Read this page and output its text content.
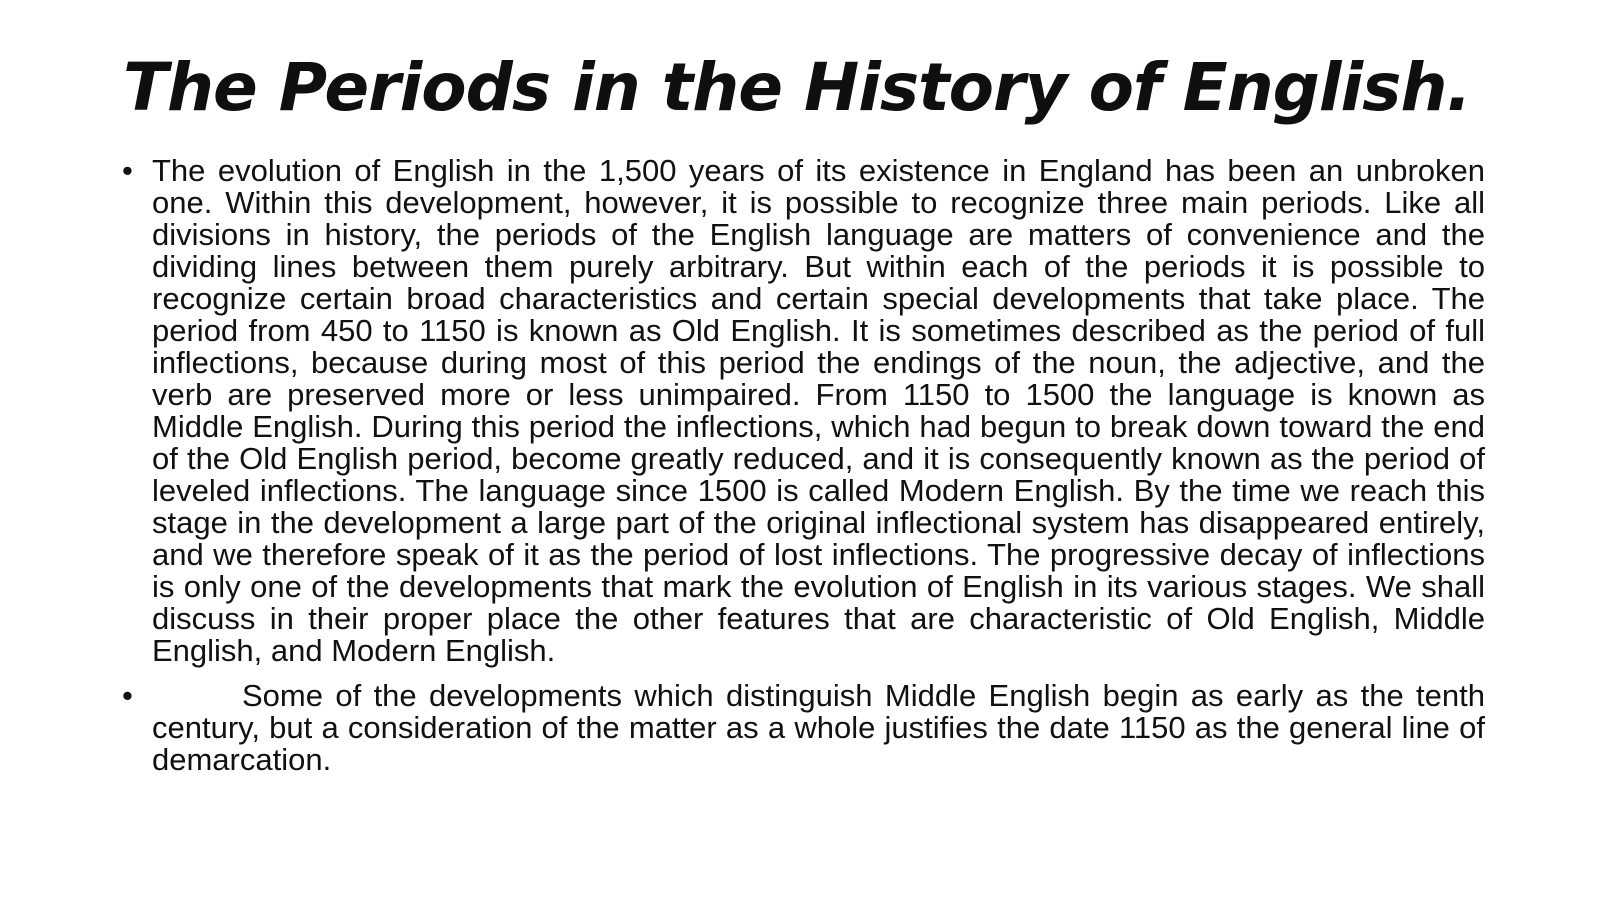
The Periods in the History of English.
• The evolution of English in the 1,500 years of its existence in England has been an unbroken one. Within this development, however, it is possible to recognize three main periods. Like all divisions in history, the periods of the English language are matters of convenience and the dividing lines between them purely arbitrary. But within each of the periods it is possible to recognize certain broad characteristics and certain special developments that take place. The period from 450 to 1150 is known as Old English. It is sometimes described as the period of full inflections, because during most of this period the endings of the noun, the adjective, and the verb are preserved more or less unimpaired. From 1150 to 1500 the language is known as Middle English. During this period the inflections, which had begun to break down toward the end of the Old English period, become greatly reduced, and it is consequently known as the period of leveled inflections. The language since 1500 is called Modern English. By the time we reach this stage in the development a large part of the original inflectional system has disappeared entirely, and we therefore speak of it as the period of lost inflections. The progressive decay of inflections is only one of the developments that mark the evolution of English in its various stages. We shall discuss in their proper place the other features that are characteristic of Old English, Middle English, and Modern English.
•	Some of the developments which distinguish Middle English begin as early as the tenth century, but a consideration of the matter as a whole justifies the date 1150 as the general line of demarcation.
